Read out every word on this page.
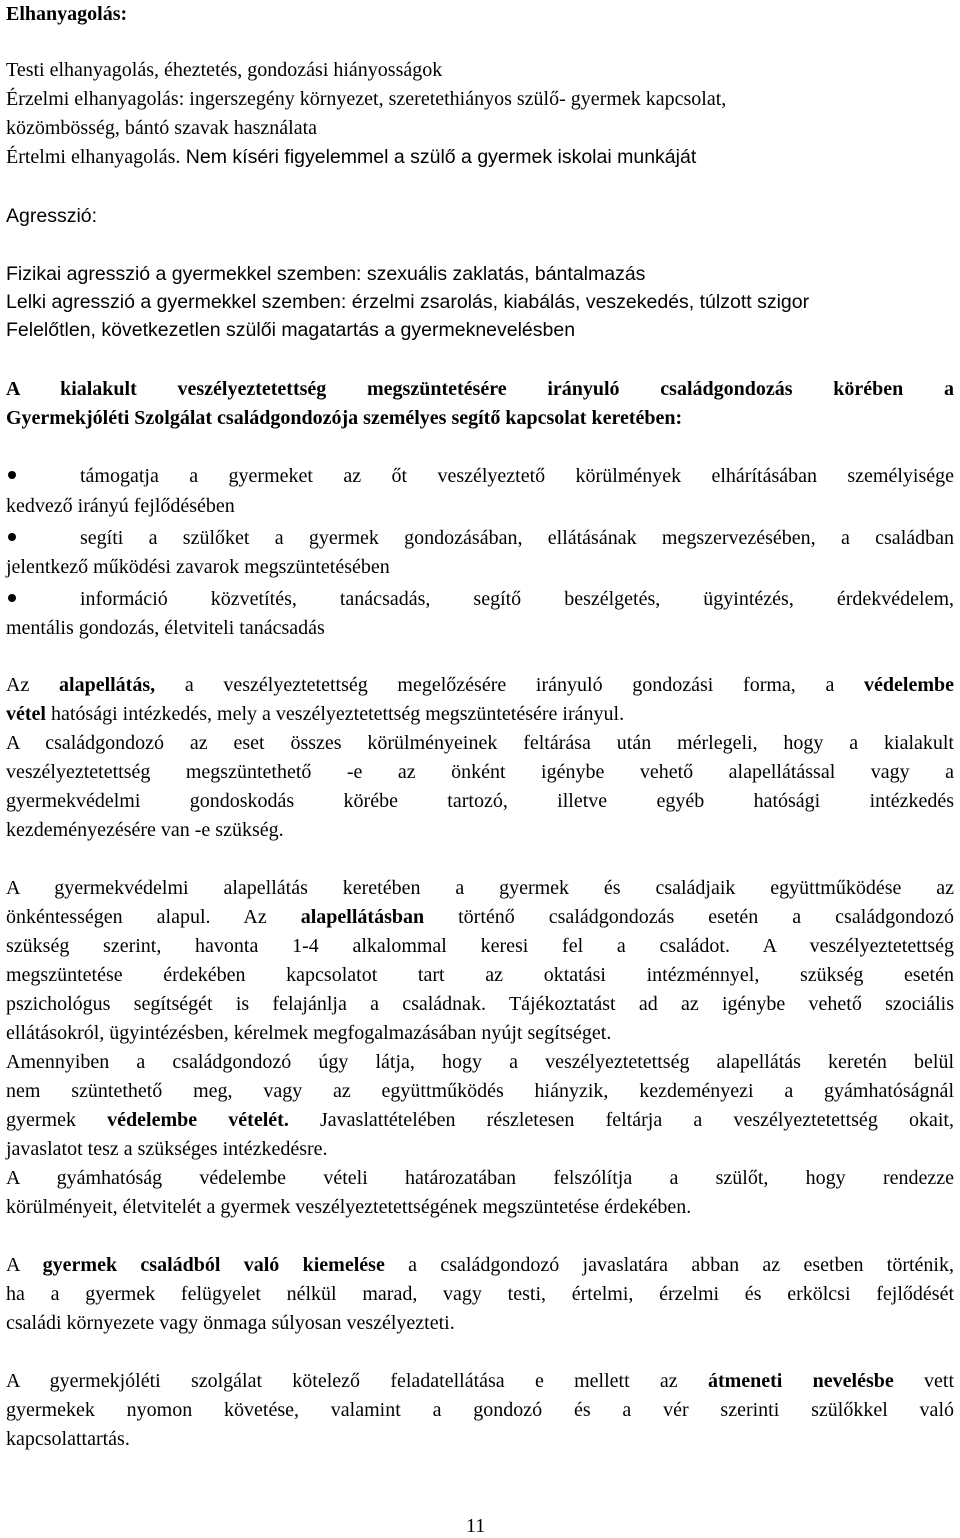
Elhanyagolás:
Testi elhanyagolás, éheztetés, gondozási hiányosságok
Érzelmi elhanyagolás: ingerszegény környezet, szeretethiányos szülő- gyermek kapcsolat,
közömbösség, bántó szavak használata
Értelmi elhanyagolás. Nem kíséri figyelemmel a szülő a gyermek iskolai munkáját
Agresszió:
Fizikai agresszió a gyermekkel szemben: szexuális zaklatás, bántalmazás
Lelki agresszió a gyermekkel szemben: érzelmi zsarolás, kiabálás, veszekedés, túlzott szigor
Felelőtlen, következetlen szülői magatartás a gyermeknevelésben
A kialakult veszélyeztetettség megszüntetésére irányuló családgondozás körében a
Gyermekjóléti Szolgálat családgondozója személyes segítő kapcsolat keretében:
támogatja a gyermeket az őt veszélyeztető körülmények elhárításában személyisége
kedvező irányú fejlődésében
segíti a szülőket a gyermek gondozásában, ellátásának megszervezésében, a családban
jelentkező működési zavarok megszüntetésében
információ közvetítés, tanácsadás, segítő beszélgetés, ügyintézés, érdekvédelem,
mentális gondozás, életviteli tanácsadás
Az alapellátás, a veszélyeztetettség megelőzésére irányuló gondozási forma, a védelembe
vétel hatósági intézkedés, mely a veszélyeztetettség megszüntetésére irányul.
A családgondozó az eset összes körülményeinek feltárása után mérlegeli, hogy a kialakult
veszélyeztetettség megszüntethető -e az önként igénybe vehető alapellátással vagy a
gyermekvédelmi gondoskodás körébe tartozó, illetve egyéb hatósági intézkedés
kezdeményezésére van -e szükség.
A gyermekvédelmi alapellátás keretében a gyermek és családjaik együttműködése az
önkéntességen alapul. Az alapellátásban történő családgondozás esetén a családgondozó
szükség szerint, havonta 1-4 alkalommal keresi fel a családot. A veszélyeztetettség
megszüntetése érdekében kapcsolatot tart az oktatási intézménnyel, szükség esetén
pszichológus segítségét is felajánlja a családnak. Tájékoztatást ad az igénybe vehető szociális
ellátásokról, ügyintézésben, kérelmek megfogalmazásában nyújt segítséget.
Amennyiben a családgondozó úgy látja, hogy a veszélyeztetettség alapellátás keretén belül
nem szüntethető meg, vagy az együttműködés hiányzik, kezdeményezi a gyámhatóságnál
gyermek védelembe vételét. Javaslattételében részletesen feltárja a veszélyeztetettség okait,
javaslatot tesz a szükséges intézkedésre.
A gyámhatóság védelembe vételi határozatában felszólítja a szülőt, hogy rendezze
körülményeit, életvitelét a gyermek veszélyeztetettségének megszüntetése érdekében.
A gyermek családból való kiemelése a családgondozó javaslatára abban az esetben történik,
ha a gyermek felügyelet nélkül marad, vagy testi, értelmi, érzelmi és erkölcsi fejlődését
családi környezete vagy önmaga súlyosan veszélyezteti.
A gyermekjóléti szolgálat kötelező feladatellátása e mellett az átmeneti nevelésbe vett
gyermekek nyomon követése, valamint a gondozó és a vér szerinti szülőkkel való
kapcsolattartás.
11
